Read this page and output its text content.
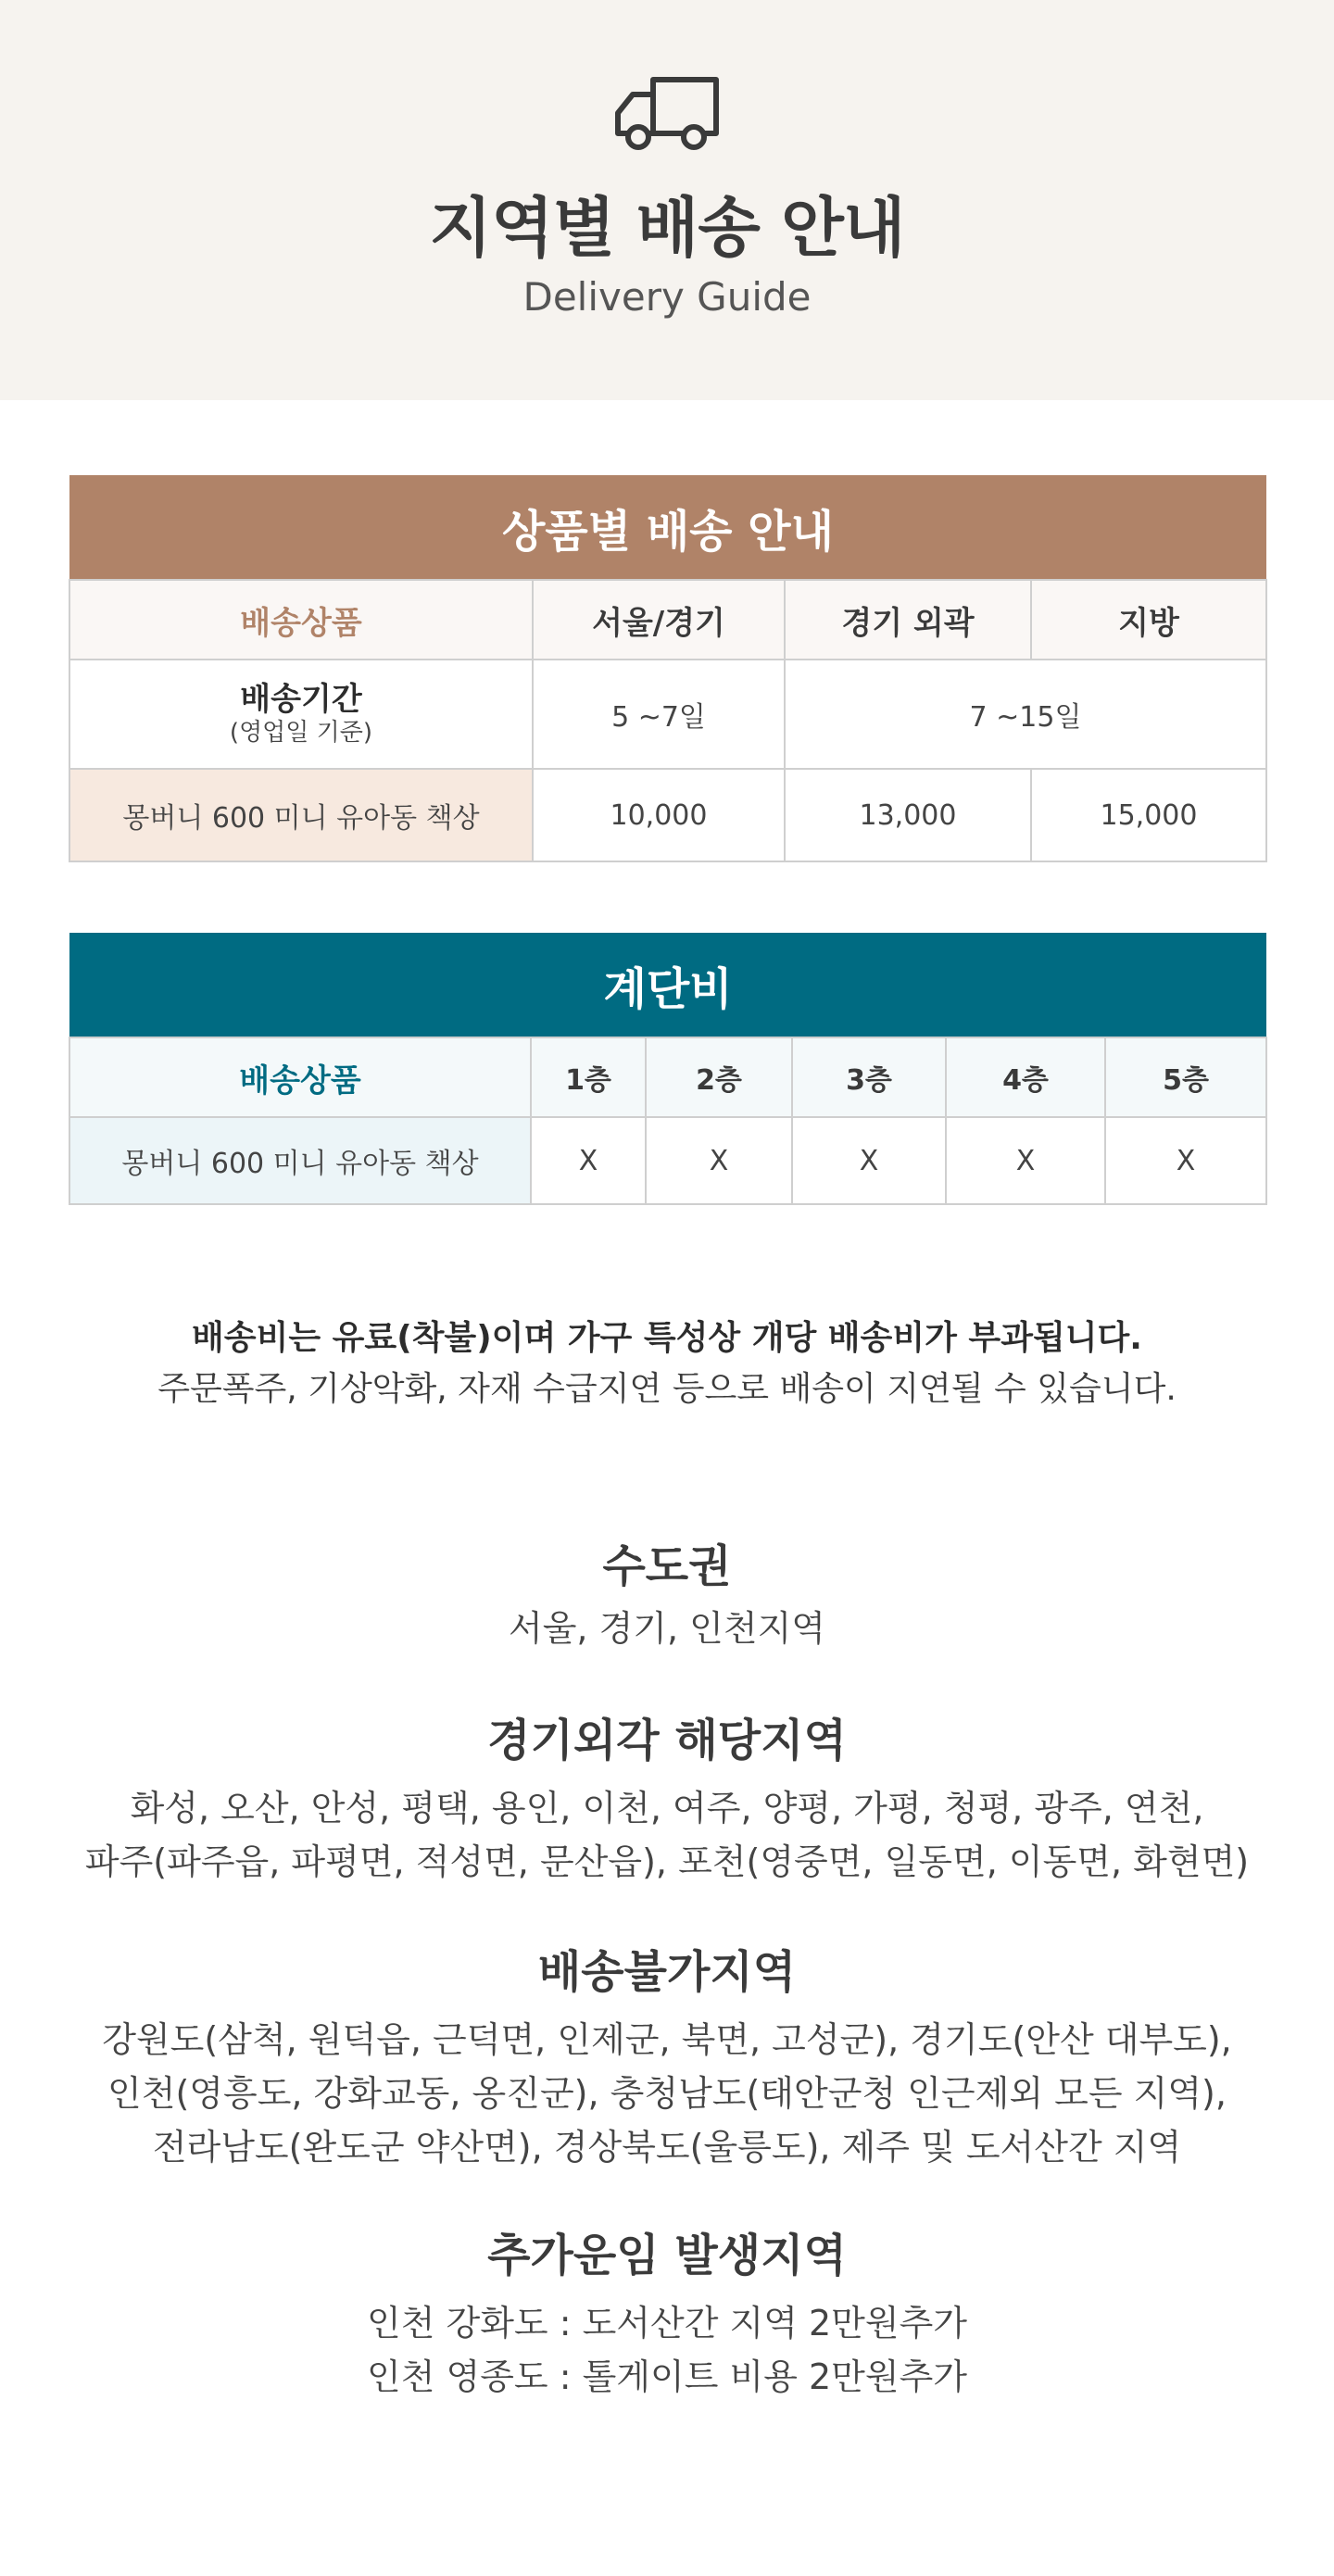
지역별 배송 안내
Delivery Guide
상품별 배송 안내			
배송상품	서울/경기	경기 외곽	지방
배송기간
(영업일 기준)	5 ~7일	7 ~15일	
몽버니 600 미니 유아동 책상	10,000	13,000	15,000
계단비					
배송상품	1층	2층	3층	4층	5층
몽버니 600 미니 유아동 책상	X	X	X	X	X
배송비는 유료(착불)이며 가구 특성상 개당 배송비가 부과됩니다.
주문폭주, 기상악화, 자재 수급지연 등으로 배송이 지연될 수 있습니다.
수도권
서울, 경기, 인천지역
경기외각 해당지역
화성, 오산, 안성, 평택, 용인, 이천, 여주, 양평, 가평, 청평, 광주, 연천,
파주(파주읍, 파평면, 적성면, 문산읍), 포천(영중면, 일동면, 이동면, 화현면)
배송불가지역
강원도(삼척, 원덕읍, 근덕면, 인제군, 북면, 고성군), 경기도(안산 대부도),
인천(영흥도, 강화교동, 옹진군), 충청남도(태안군청 인근제외 모든 지역),
전라남도(완도군 약산면), 경상북도(울릉도), 제주 및 도서산간 지역
추가운임 발생지역
인천 강화도 : 도서산간 지역 2만원추가
인천 영종도 : 톨게이트 비용 2만원추가
